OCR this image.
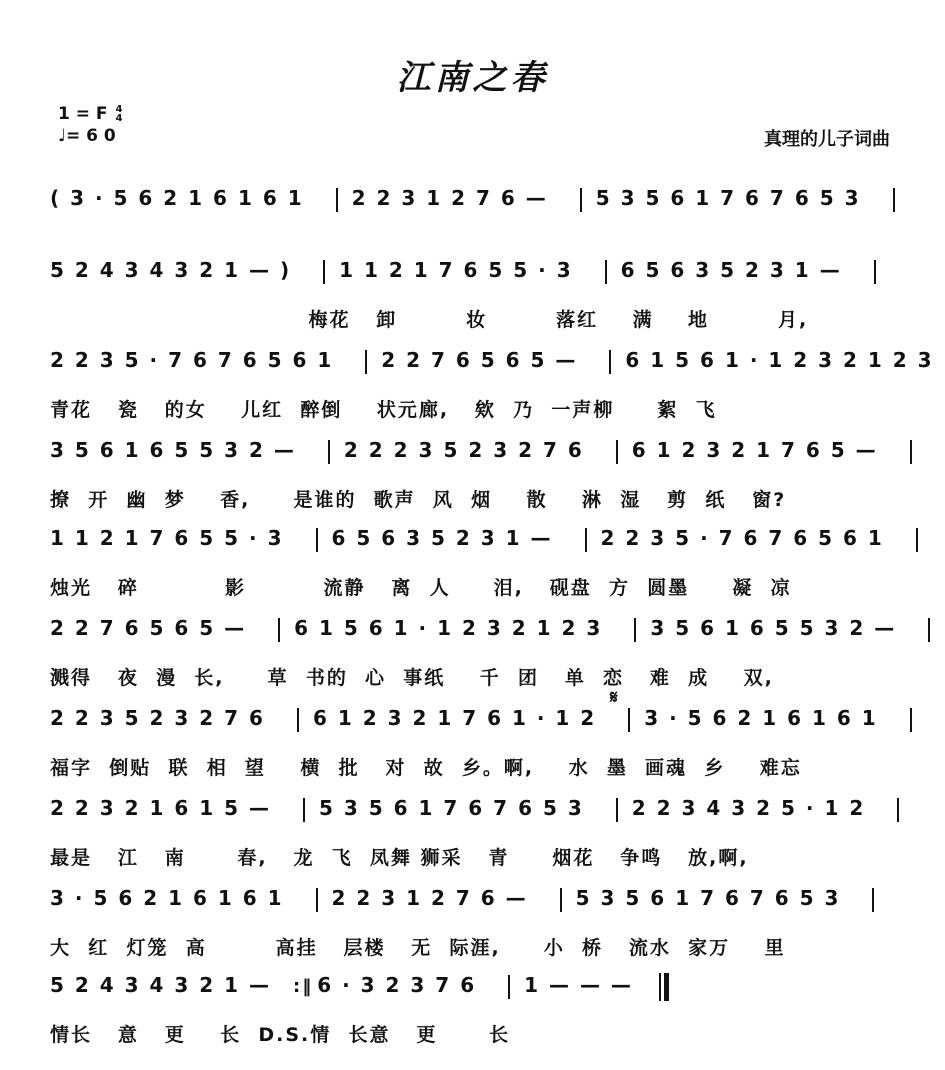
江南之春
1 = F 4
4
♩= 6 0	真理的儿子词曲
𝄋
( 3 · 5 6 2 1 6 1 6 1 2 2 3 1 2 7 6 — 5 3 5 6 1 7 6 7 6 5 3
5 2 4 3 4 3 2 1 — ) 1 1 2 1 7 6 5 5 · 3 6 5 6 3 5 2 3 1 —
梅花   卸        妆        落红    满    地        月,
2 2 3 5 · 7 6 7 6 5 6 1 2 2 7 6 5 6 5 — 6 1 5 6 1 · 1 2 3 2 1 2 3
青花   瓷   的女    儿红  醉倒    状元廊,   欸  乃  一声柳     絮  飞
3 5 6 1 6 5 5 3 2 — 2 2 2 3 5 2 3 2 7 6 6 1 2 3 2 1 7 6 5 —
撩  开  幽  梦    香,     是谁的  歌声  风  烟    散    淋  湿   剪  纸   窗?
1 1 2 1 7 6 5 5 · 3 6 5 6 3 5 2 3 1 — 2 2 3 5 · 7 6 7 6 5 6 1
烛光   碎          影         流静   离  人     泪,   砚盘  方  圆墨     凝  凉
2 2 7 6 5 6 5 — 6 1 5 6 1 · 1 2 3 2 1 2 3 3 5 6 1 6 5 5 3 2 —
溅得   夜  漫  长,     草  书的  心  事纸    千  团   单  恋   难  成    双,
2 2 3 5 2 3 2 7 6 6 1 2 3 2 1 7 6 1 · 1 2 3 · 5 6 2 1 6 1 6 1
福字  倒贴  联  相  望    横  批   对  故  乡。啊,    水  墨  画魂  乡    难忘
2 2 3 2 1 6 1 5 — 5 3 5 6 1 7 6 7 6 5 3 2 2 3 4 3 2 5 · 1 2
最是   江   南      春,   龙  飞  凤舞 狮采   青     烟花   争鸣   放,啊,
3 · 5 6 2 1 6 1 6 1 2 2 3 1 2 7 6 — 5 3 5 6 1 7 6 7 6 5 3
大  红  灯笼  高        高挂   层楼   无  际涯,     小  桥   流水  家万    里
5 2 4 3 4 3 2 1 — :‖ 6 · 3 2 3 7 6 1 — — —
情长   意   更    长  D.S.情  长意   更      长
